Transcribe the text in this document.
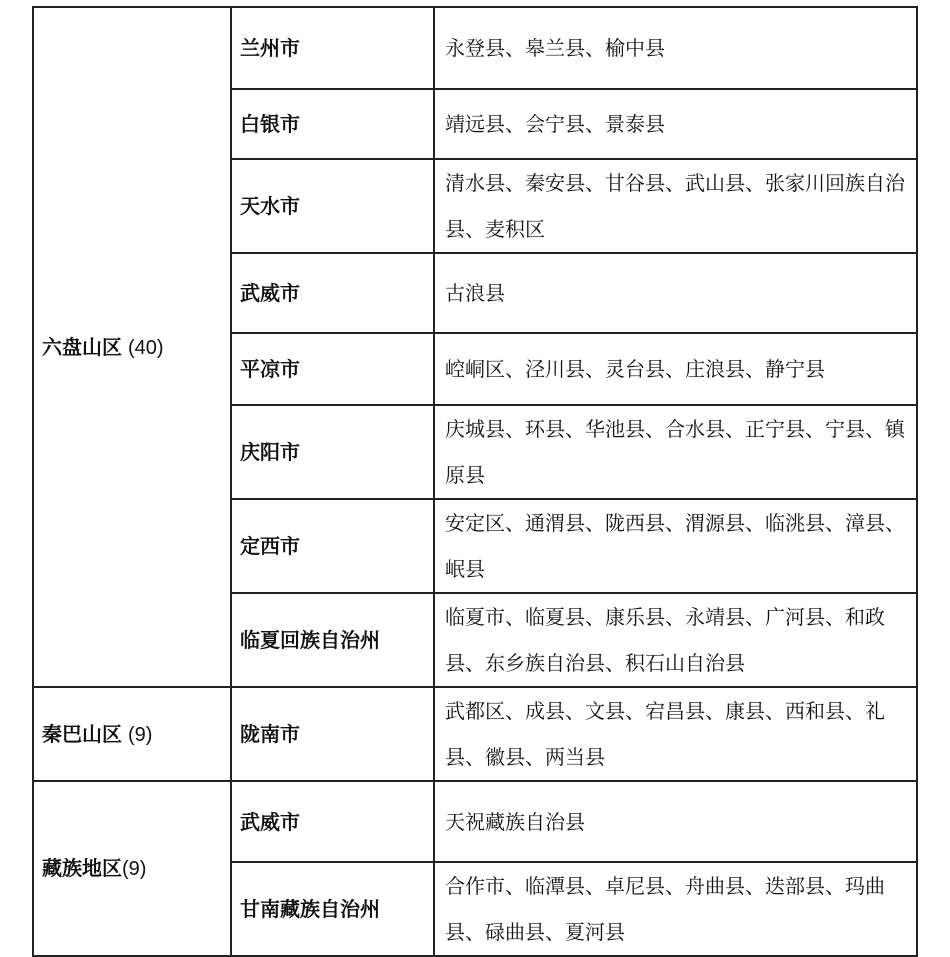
六盘山区 (40)	兰州市	永登县、皋兰县、榆中县
	白银市	靖远县、会宁县、景泰县
	天水市	清水县、秦安县、甘谷县、武山县、张家川回族自治县、麦积区
	武威市	古浪县
	平凉市	崆峒区、泾川县、灵台县、庄浪县、静宁县
	庆阳市	庆城县、环县、华池县、合水县、正宁县、宁县、镇原县
	定西市	安定区、通渭县、陇西县、渭源县、临洮县、漳县、岷县
	临夏回族自治州	临夏市、临夏县、康乐县、永靖县、广河县、和政县、东乡族自治县、积石山自治县
秦巴山区 (9)	陇南市	武都区、成县、文县、宕昌县、康县、西和县、礼县、徽县、两当县
藏族地区(9)	武威市	天祝藏族自治县
	甘南藏族自治州	合作市、临潭县、卓尼县、舟曲县、迭部县、玛曲县、碌曲县、夏河县
